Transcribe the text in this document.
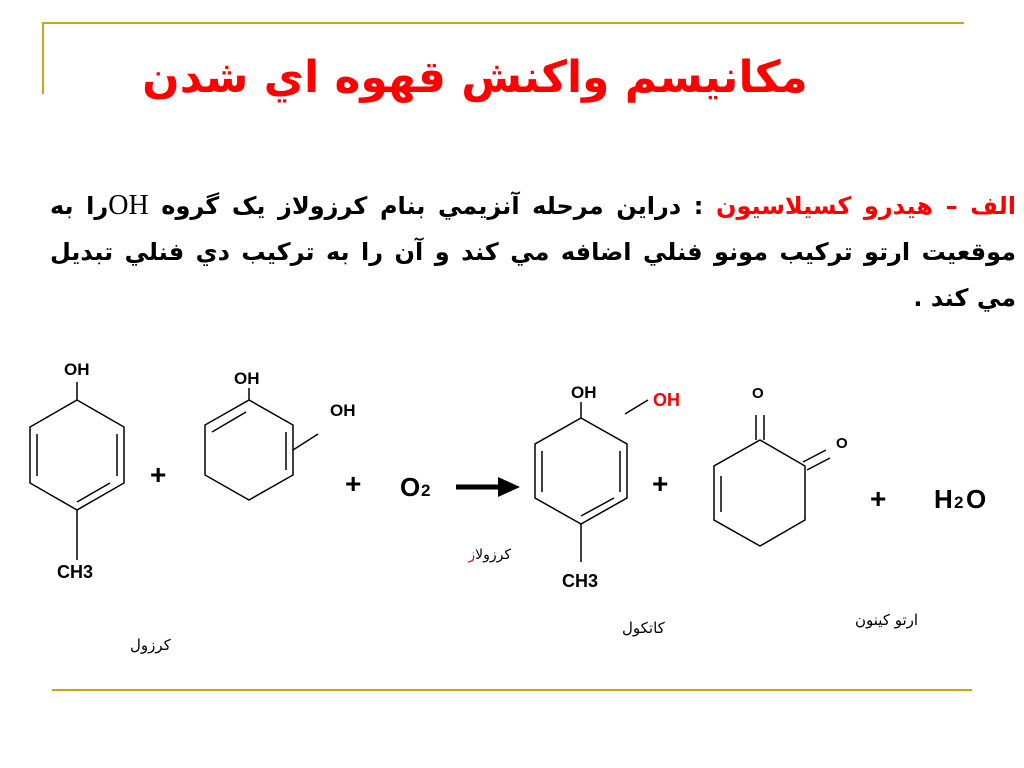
مكانيسم واكنش قهوه اي شدن
الف – هيدرو كسيلاسيون : دراين مرحله آنزيمي بنام كرزولاز یک گروه OHرا به موقعيت ارتو تركيب مونو فنلي اضافه مي كند و آن را به تركيب دي فنلي تبديل مي كند .
OH
CH3
OH
OH
+	+ O 2
كرزولاز
OH	OH
CH3
+
O
O
+ H 2 O
كرزول
كاتكول	ارتو كينون
